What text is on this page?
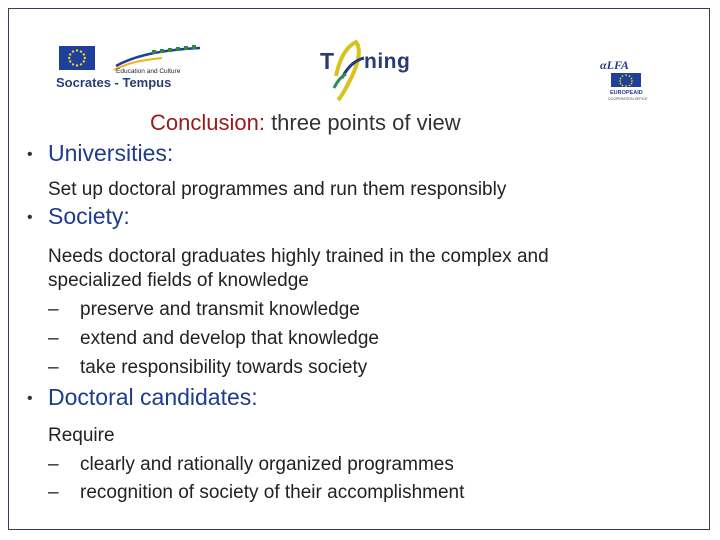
Education and Culture
Socrates - Tempus
T ning	αLFA
EUROPEAID
COOPERATION OFFICE
Conclusion: three points of view
• Universities:
Set up doctoral programmes and run them responsibly
• Society:
Needs doctoral graduates highly trained in the complex and
specialized fields of knowledge
– preserve and transmit knowledge
– extend and develop that knowledge
– take responsibility towards society
• Doctoral candidates:
Require
– clearly and rationally organized programmes
– recognition of society of their accomplishment
